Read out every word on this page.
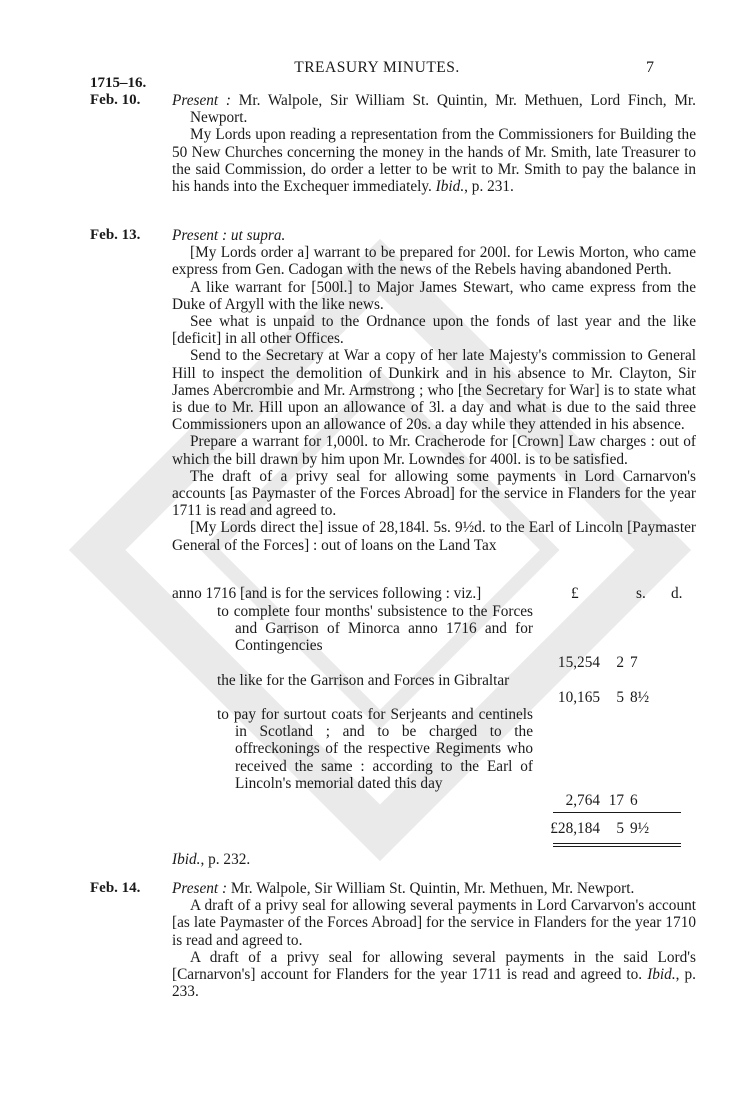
TREASURY MINUTES.	7
1715–16.
Feb. 10. Present : Mr. Walpole, Sir William St. Quintin, Mr. Methuen, Lord Finch, Mr. Newport.

My Lords upon reading a representation from the Commissioners for Building the 50 New Churches concerning the money in the hands of Mr. Smith, late Treasurer to the said Commission, do order a letter to be writ to Mr. Smith to pay the balance in his hands into the Exchequer immediately. Ibid., p. 231.

Feb. 13. Present : ut supra.

[My Lords order a] warrant to be prepared for 200l. for Lewis Morton, who came express from Gen. Cadogan with the news of the Rebels having abandoned Perth.

A like warrant for [500l.] to Major James Stewart, who came express from the Duke of Argyll with the like news.

See what is unpaid to the Ordnance upon the fonds of last year and the like [deficit] in all other Offices.

Send to the Secretary at War a copy of her late Majesty's commission to General Hill to inspect the demolition of Dunkirk and in his absence to Mr. Clayton, Sir James Abercrombie and Mr. Armstrong ; who [the Secretary for War] is to state what is due to Mr. Hill upon an allowance of 3l. a day and what is due to the said three Commissioners upon an allowance of 20s. a day while they attended in his absence.

Prepare a warrant for 1,000l. to Mr. Cracherode for [Crown] Law charges : out of which the bill drawn by him upon Mr. Lowndes for 400l. is to be satisfied.

The draft of a privy seal for allowing some payments in Lord Carnarvon's accounts [as Paymaster of the Forces Abroad] for the service in Flanders for the year 1711 is read and agreed to.

[My Lords direct the] issue of 28,184l. 5s. 9½d. to the Earl of Lincoln [Paymaster General of the Forces] : out of loans on the Land Tax

anno 1716 [and is for the services following : viz.]	£	s. d.
to complete four months' subsistence to the Forces and Garrison of Minorca anno 1716 and for Contingencies
15,254	2 7
the like for the Garrison and Forces in Gibraltar
10,165	5 8½
to pay for surtout coats for Serjeants and centinels in Scotland ; and to be charged to the offreckonings of the respective Regiments who received the same : according to the Earl of Lincoln's memorial dated this day
2,764 17 6
£28,184	5 9½
Ibid., p. 232.
Feb. 14. Present : Mr. Walpole, Sir William St. Quintin, Mr. Methuen, Mr. Newport.

A draft of a privy seal for allowing several payments in Lord Carvarvon's account [as late Paymaster of the Forces Abroad] for the service in Flanders for the year 1710 is read and agreed to.

A draft of a privy seal for allowing several payments in the said Lord's [Carnarvon's] account for Flanders for the year 1711 is read and agreed to. Ibid., p. 233.
